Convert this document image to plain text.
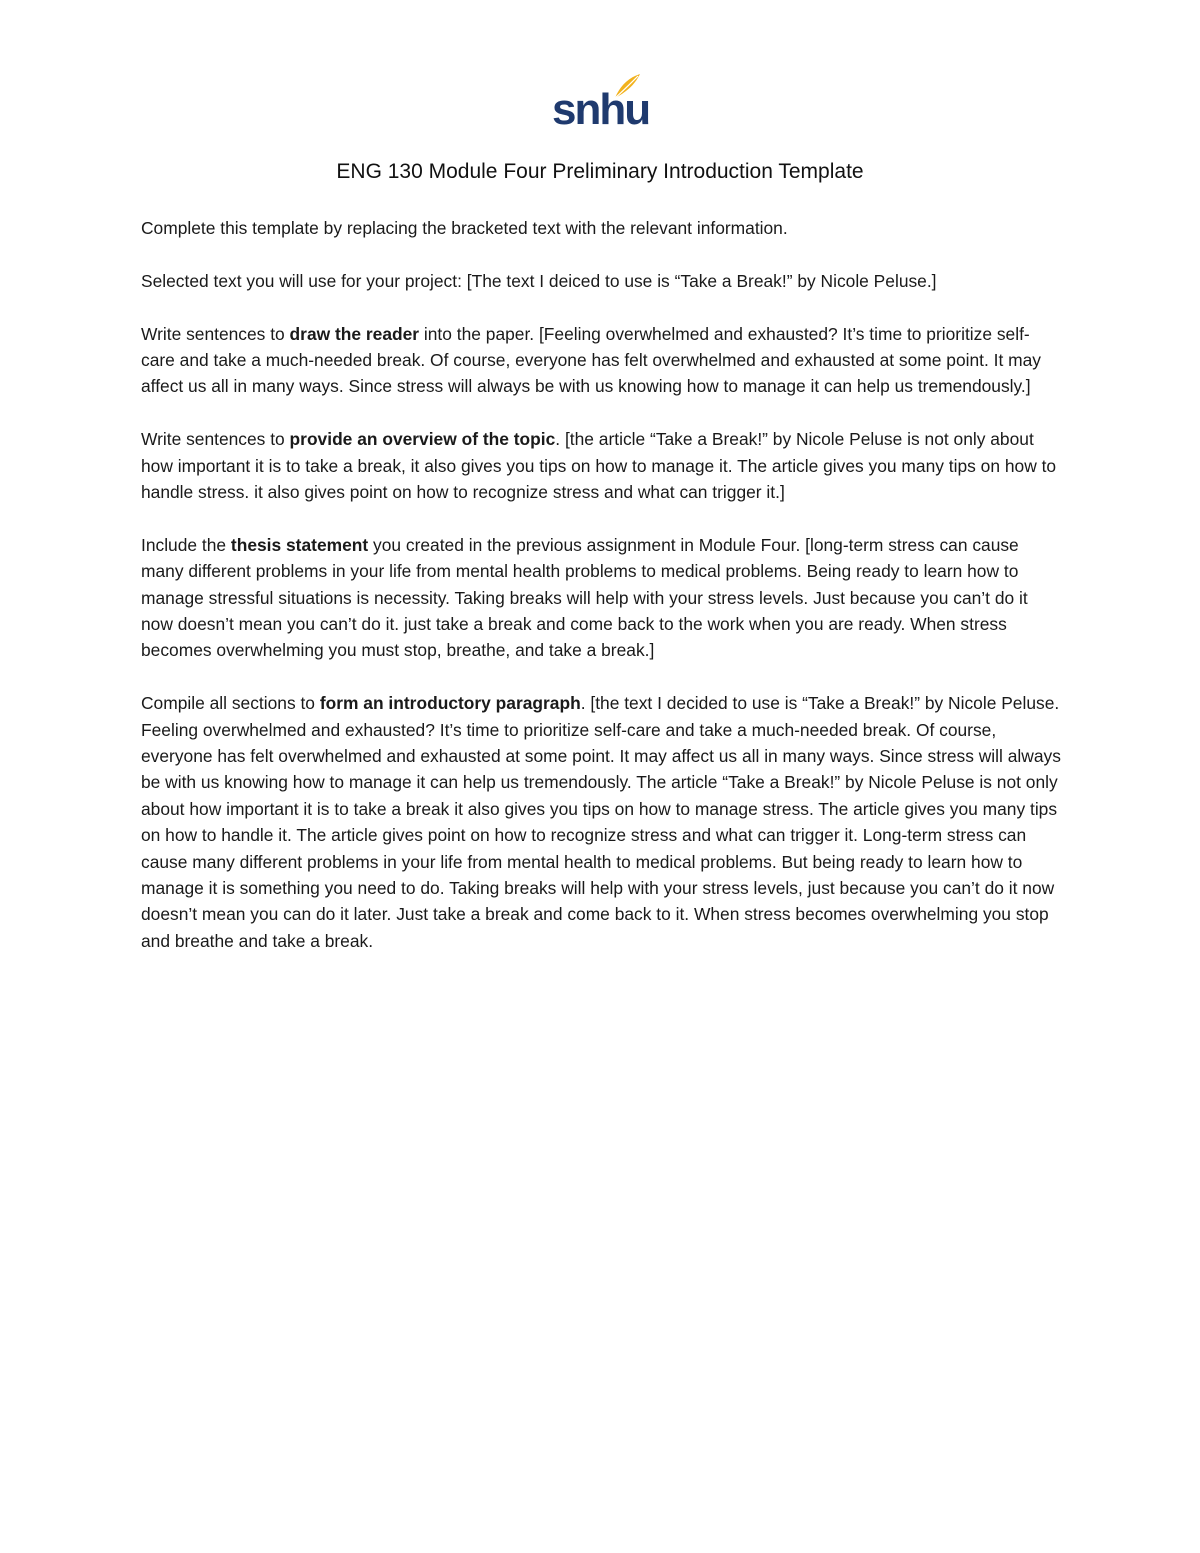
snhu
ENG 130 Module Four Preliminary Introduction Template

Complete this template by replacing the bracketed text with the relevant information.

Selected text you will use for your project: [The text I deiced to use is “Take a Break!” by Nicole Peluse.]

Write sentences to draw the reader into the paper. [Feeling overwhelmed and exhausted? It’s time to prioritize self-care and take a much-needed break. Of course, everyone has felt overwhelmed and exhausted at some point. It may affect us all in many ways. Since stress will always be with us knowing how to manage it can help us tremendously.]

Write sentences to provide an overview of the topic. [the article “Take a Break!” by Nicole Peluse is not only about how important it is to take a break, it also gives you tips on how to manage it. The article gives you many tips on how to handle stress. it also gives point on how to recognize stress and what can trigger it.]

Include the thesis statement you created in the previous assignment in Module Four. [long-term stress can cause many different problems in your life from mental health problems to medical problems. Being ready to learn how to manage stressful situations is necessity. Taking breaks will help with your stress levels. Just because you can’t do it now doesn’t mean you can’t do it. just take a break and come back to the work when you are ready. When stress becomes overwhelming you must stop, breathe, and take a break.]

Compile all sections to form an introductory paragraph. [the text I decided to use is “Take a Break!” by Nicole Peluse. Feeling overwhelmed and exhausted? It’s time to prioritize self-care and take a much-needed break. Of course, everyone has felt overwhelmed and exhausted at some point. It may affect us all in many ways. Since stress will always be with us knowing how to manage it can help us tremendously. The article “Take a Break!” by Nicole Peluse is not only about how important it is to take a break it also gives you tips on how to manage stress. The article gives you many tips on how to handle it. The article gives point on how to recognize stress and what can trigger it. Long-term stress can cause many different problems in your life from mental health to medical problems. But being ready to learn how to manage it is something you need to do. Taking breaks will help with your stress levels, just because you can’t do it now doesn’t mean you can do it later. Just take a break and come back to it. When stress becomes overwhelming you stop and breathe and take a break.
